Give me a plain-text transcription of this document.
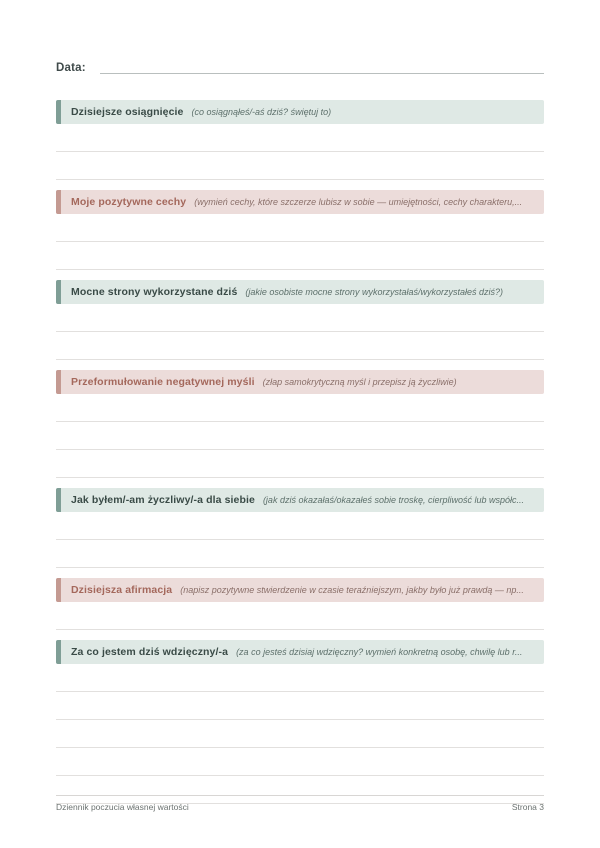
Data:
Dzisiejsze osiągnięcie (co osiągnąłeś/-aś dziś? świętuj to)
Moje pozytywne cechy (wymień cechy, które szczerze lubisz w sobie — umiejętności, cechy charakteru,...
Mocne strony wykorzystane dziś (jakie osobiste mocne strony wykorzystałaś/wykorzystałeś dziś?)
Przeformułowanie negatywnej myśli (złap samokrytyczną myśl i przepisz ją życzliwie)
Jak byłem/-am życzliwy/-a dla siebie (jak dziś okazałaś/okazałeś sobie troskę, cierpliwość lub współc...
Dzisiejsza afirmacja (napisz pozytywne stwierdzenie w czasie teraźniejszym, jakby było już prawdą — np...
Za co jestem dziś wdzięczny/-a (za co jesteś dzisiaj wdzięczny? wymień konkretną osobę, chwilę lub r...
Dziennik poczucia własnej wartości	Strona 3
